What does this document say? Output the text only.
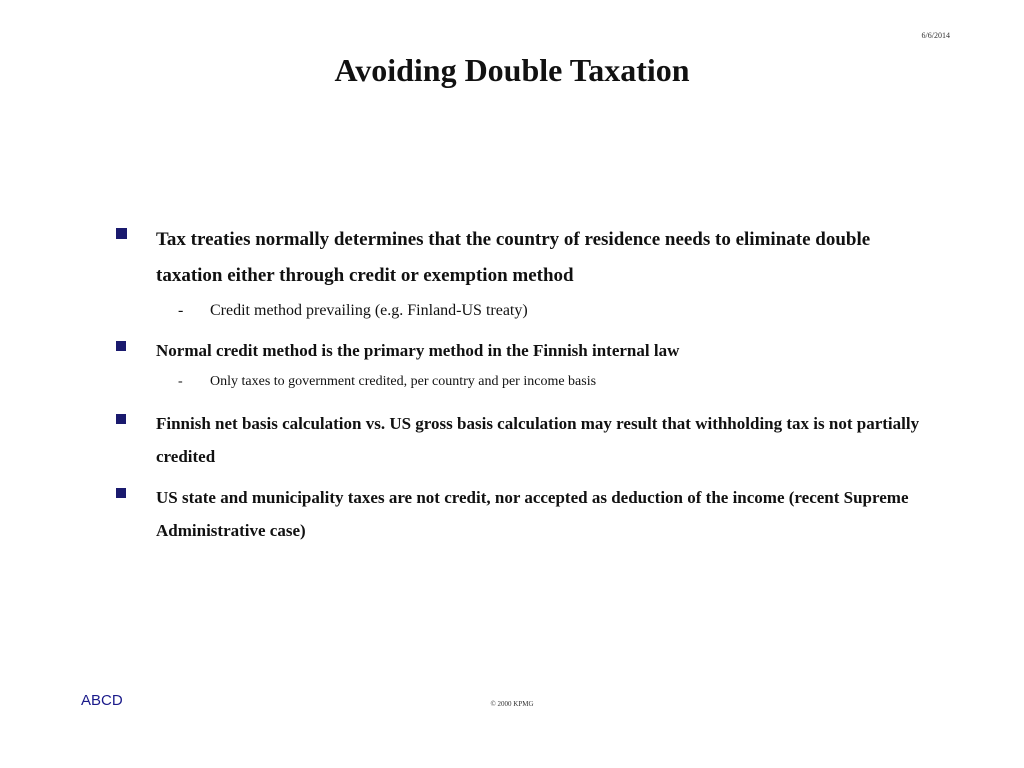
6/6/2014
Avoiding Double Taxation

Tax treaties normally determines that the country of residence needs to eliminate double taxation either through credit or exemption method

- Credit method prevailing (e.g. Finland-US treaty)

Normal credit method is the primary method in the Finnish internal law

- Only taxes to government credited, per country and per income basis

Finnish net basis calculation vs. US gross basis calculation may result that withholding tax is not partially credited

US state and municipality taxes are not credit, nor accepted as deduction of the income (recent Supreme Administrative case)

ABCD	© 2000 KPMG
